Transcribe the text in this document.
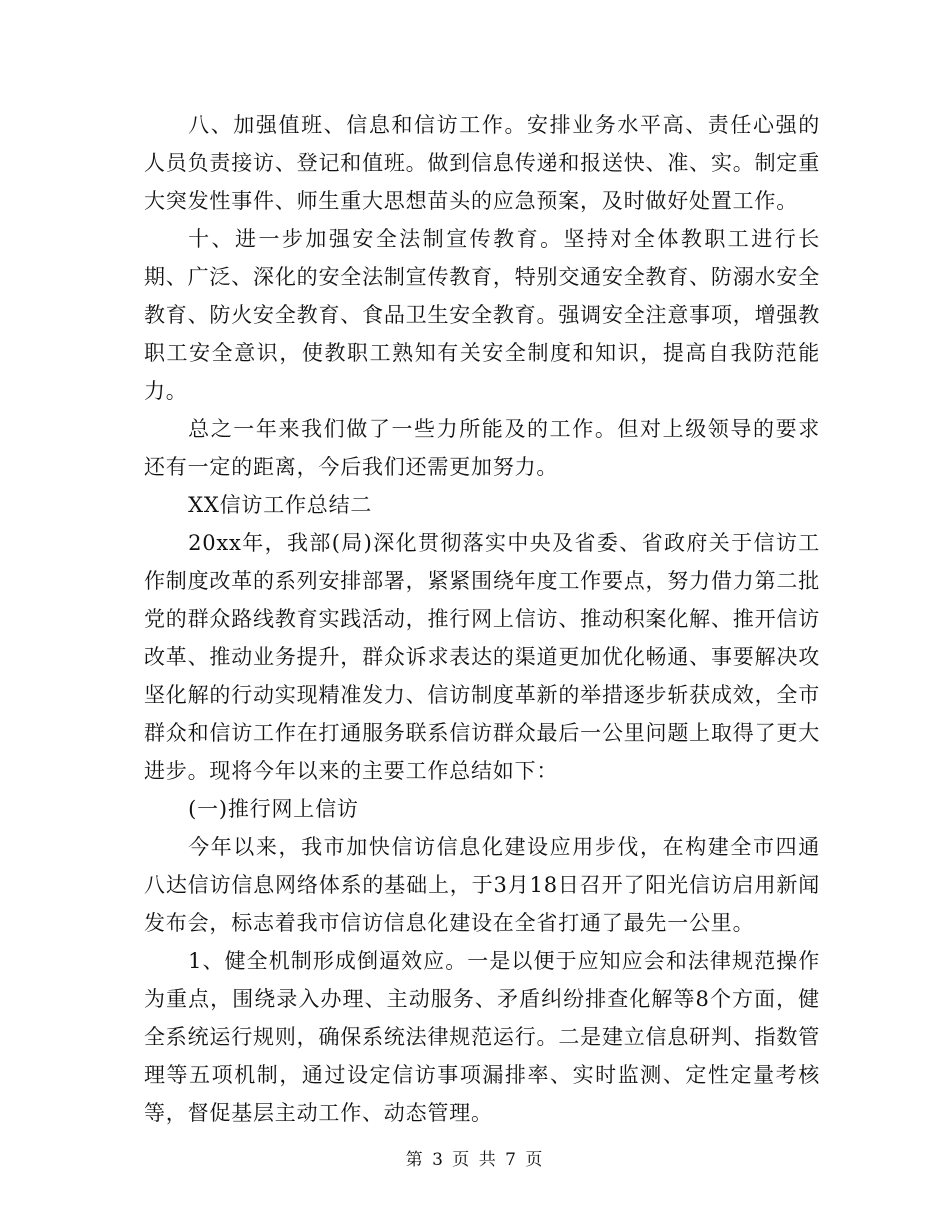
八、加强值班、信息和信访工作。安排业务水平高、责任心强的人员负责接访、登记和值班。做到信息传递和报送快、准、实。制定重大突发性事件、师生重大思想苗头的应急预案，及时做好处置工作。

十、进一步加强安全法制宣传教育。坚持对全体教职工进行长期、广泛、深化的安全法制宣传教育，特别交通安全教育、防溺水安全教育、防火安全教育、食品卫生安全教育。强调安全注意事项，增强教职工安全意识，使教职工熟知有关安全制度和知识，提高自我防范能力。

总之一年来我们做了一些力所能及的工作。但对上级领导的要求还有一定的距离，今后我们还需更加努力。

XX信访工作总结二

20xx年，我部(局)深化贯彻落实中央及省委、省政府关于信访工作制度改革的系列安排部署，紧紧围绕年度工作要点，努力借力第二批党的群众路线教育实践活动，推行网上信访、推动积案化解、推开信访改革、推动业务提升，群众诉求表达的渠道更加优化畅通、事要解决攻坚化解的行动实现精准发力、信访制度革新的举措逐步斩获成效，全市群众和信访工作在打通服务联系信访群众最后一公里问题上取得了更大进步。现将今年以来的主要工作总结如下：

(一)推行网上信访

今年以来，我市加快信访信息化建设应用步伐，在构建全市四通八达信访信息网络体系的基础上，于3月18日召开了阳光信访启用新闻发布会，标志着我市信访信息化建设在全省打通了最先一公里。

1、健全机制形成倒逼效应。一是以便于应知应会和法律规范操作为重点，围绕录入办理、主动服务、矛盾纠纷排查化解等8个方面，健全系统运行规则，确保系统法律规范运行。二是建立信息研判、指数管理等五项机制，通过设定信访事项漏排率、实时监测、定性定量考核等，督促基层主动工作、动态管理。

第 3 页 共 7 页
